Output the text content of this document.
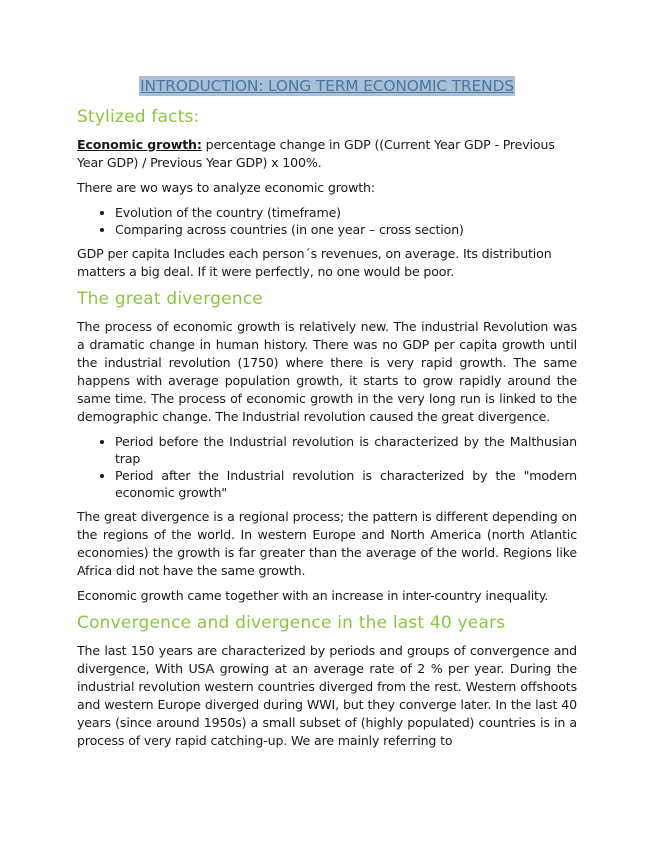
INTRODUCTION: LONG TERM ECONOMIC TRENDS
Stylized facts:

Economic growth: percentage change in GDP ((Current Year GDP - Previous Year GDP) / Previous Year GDP) x 100%.

There are wo ways to analyze economic growth:

• Evolution of the country (timeframe)
• Comparing across countries (in one year – cross section)

GDP per capita Includes each person´s revenues, on average. Its distribution matters a big deal. If it were perfectly, no one would be poor.

The great divergence

The process of economic growth is relatively new. The industrial Revolution was a dramatic change in human history. There was no GDP per capita growth until the industrial revolution (1750) where there is very rapid growth. The same happens with average population growth, it starts to grow rapidly around the same time. The process of economic growth in the very long run is linked to the demographic change. The Industrial revolution caused the great divergence.

• Period before the Industrial revolution is characterized by the Malthusian trap
• Period after the Industrial revolution is characterized by the "modern economic growth"

The great divergence is a regional process; the pattern is different depending on the regions of the world. In western Europe and North America (north Atlantic economies) the growth is far greater than the average of the world. Regions like Africa did not have the same growth.

Economic growth came together with an increase in inter-country inequality.

Convergence and divergence in the last 40 years

The last 150 years are characterized by periods and groups of convergence and divergence, With USA growing at an average rate of 2 % per year. During the industrial revolution western countries diverged from the rest. Western offshoots and western Europe diverged during WWI, but they converge later. In the last 40 years (since around 1950s) a small subset of (highly populated) countries is in a process of very rapid catching-up. We are mainly referring to
